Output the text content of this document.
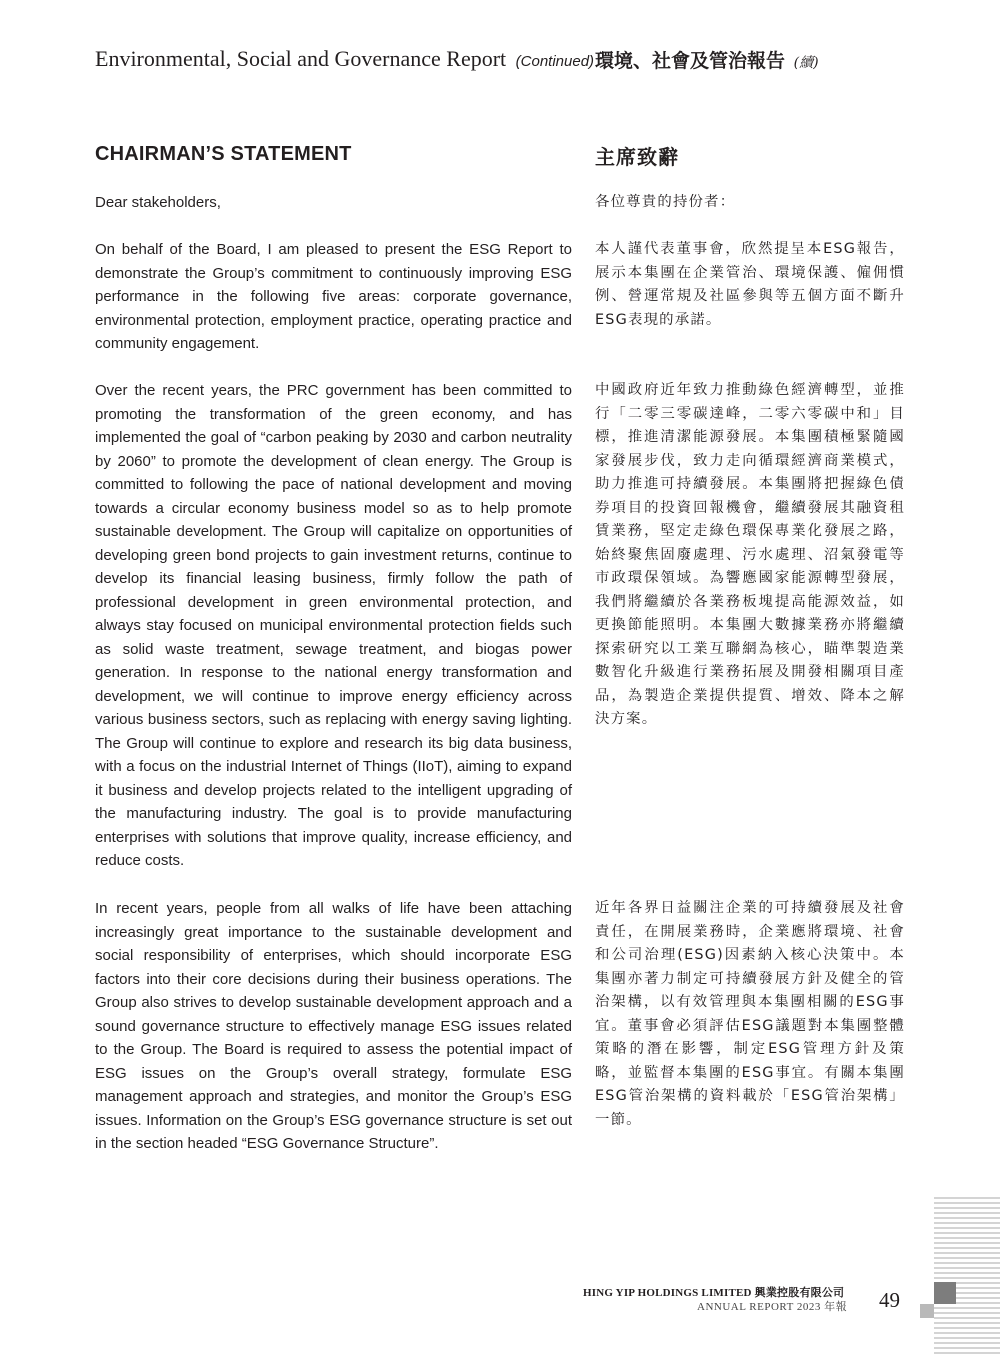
Environmental, Social and Governance Report (Continued) 環境、社會及管治報告 (續)
CHAIRMAN’S STATEMENT	主席致辭

Dear stakeholders,

On behalf of the Board, I am pleased to present the ESG Report to demonstrate the Group’s commitment to continuously improving ESG performance in the following five areas: corporate governance, environmental protection, employment practice, operating practice and community engagement.

Over the recent years, the PRC government has been committed to promoting the transformation of the green economy, and has implemented the goal of “carbon peaking by 2030 and carbon neutrality by 2060” to promote the development of clean energy. The Group is committed to following the pace of national development and moving towards a circular economy business model so as to help promote sustainable development. The Group will capitalize on opportunities of developing green bond projects to gain investment returns, continue to develop its financial leasing business, firmly follow the path of professional development in green environmental protection, and always stay focused on municipal environmental protection fields such as solid waste treatment, sewage treatment, and biogas power generation. In response to the national energy transformation and development, we will continue to improve energy efficiency across various business sectors, such as replacing with energy saving lighting. The Group will continue to explore and research its big data business, with a focus on the industrial Internet of Things (IIoT), aiming to expand it business and develop projects related to the intelligent upgrading of the manufacturing industry. The goal is to provide manufacturing enterprises with solutions that improve quality, increase efficiency, and reduce costs.

In recent years, people from all walks of life have been attaching increasingly great importance to the sustainable development and social responsibility of enterprises, which should incorporate ESG factors into their core decisions during their business operations. The Group also strives to develop sustainable development approach and a sound governance structure to effectively manage ESG issues related to the Group. The Board is required to assess the potential impact of ESG issues on the Group’s overall strategy, formulate ESG management approach and strategies, and monitor the Group’s ESG issues. Information on the Group’s ESG governance structure is set out in the section headed “ESG Governance Structure”.

各位尊貴的持份者：

本人謹代表董事會，欣然提呈本ESG報告，展示本集團在企業管治、環境保護、僱佣慣例、營運常規及社區參與等五個方面不斷升ESG表現的承諾。

中國政府近年致力推動綠色經濟轉型，並推行「二零三零碳達峰，二零六零碳中和」目標，推進清潔能源發展。本集團積極緊隨國家發展步伐，致力走向循環經濟商業模式，助力推進可持續發展。本集團將把握綠色債券項目的投資回報機會，繼續發展其融資租賃業務，堅定走綠色環保專業化發展之路，始終聚焦固廢處理、污水處理、沼氣發電等市政環保領域。為響應國家能源轉型發展，我們將繼續於各業務板塊提高能源效益，如更換節能照明。本集團大數據業務亦將繼續探索研究以工業互聯網為核心，瞄準製造業數智化升級進行業務拓展及開發相關項目產品，為製造企業提供提質、增效、降本之解決方案。

近年各界日益關注企業的可持續發展及社會責任，在開展業務時，企業應將環境、社會和公司治理(ESG)因素納入核心決策中。本集團亦著力制定可持續發展方針及健全的管治架構，以有效管理與本集團相關的ESG事宜。董事會必須評估ESG議題對本集團整體策略的潛在影響，制定ESG管理方針及策略，並監督本集團的ESG事宜。有關本集團ESG管治架構的資料載於「ESG管治架構」一節。

HING YIP HOLDINGS LIMITED 興業控股有限公司
ANNUAL REPORT 2023 年報 49
